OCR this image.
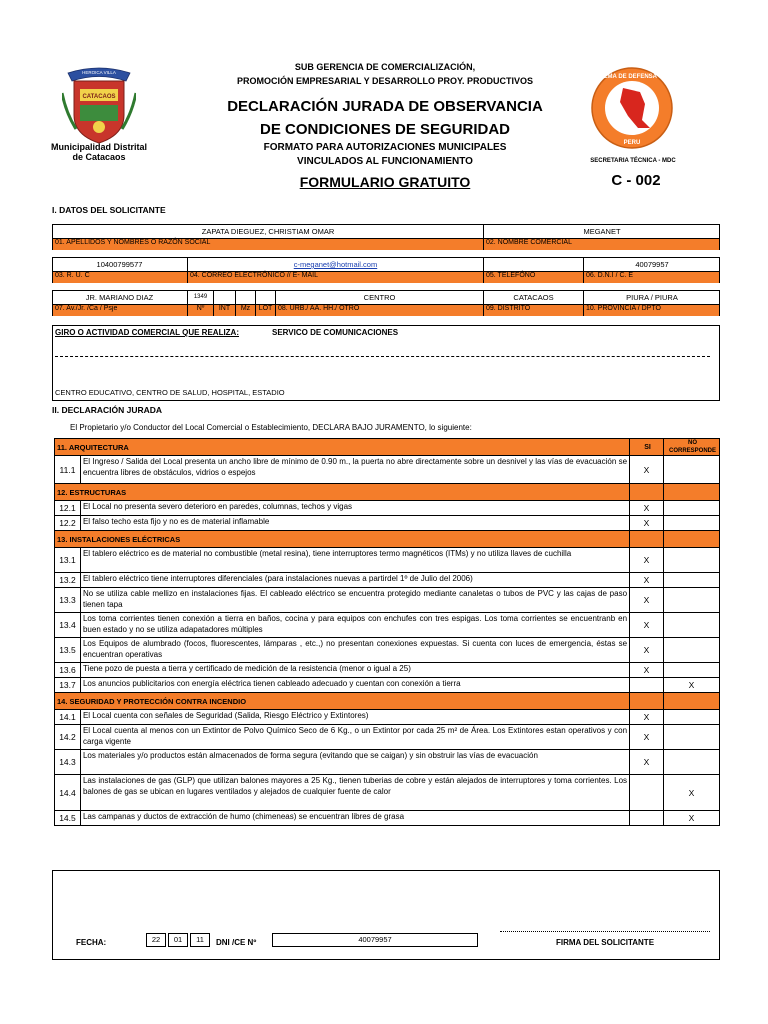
HEROICA VILLA
CATACAOS
Municipalidad Distrital
de Catacaos
SUB GERENCIA DE COMERCIALIZACIÓN,
PROMOCIÓN EMPRESARIAL Y DESARROLLO PROY. PRODUCTIVOS
DECLARACIÓN JURADA DE OBSERVANCIA
DE CONDICIONES DE SEGURIDAD
FORMATO PARA AUTORIZACIONES MUNICIPALES
VINCULADOS AL FUNCIONAMIENTO
FORMULARIO GRATUITO
SISTEMA DE DEFENSA CIVIL
PERU
SECRETARIA TÉCNICA - MDC
C - 002
I. DATOS DEL SOLICITANTE
ZAPATA DIEGUEZ, CHRISTIAM OMAR	MEGANET
01. APELLIDOS Y NOMBRES O RAZÓN SOCIAL	02. NOMBRE COMERCIAL
10400799577	c-meganet@hotmail.com	40079957
03. R. U. C	04. CORREO ELECTRÓNICO // E- MAIL	05. TELEFÓNO	06. D.N.I / C. E
JR. MARIANO DIAZ	1349	CENTRO	CATACAOS	PIURA / PIURA
07. Av./Jr. /Ca / Psje	Nº	INT	Mz	LOT 08. URB./ AA. HH./ OTRO	09. DISTRITO	10. PROVINCIA / DPTO
GIRO O ACTIVIDAD COMERCIAL QUE REALIZA:	SERVICO DE COMUNICACIONES
CENTRO EDUCATIVO, CENTRO DE SALUD, HOSPITAL, ESTADIO
II. DECLARACIÓN JURADA
El Propietario y/o Conductor del Local Comercial o Establecimiento, DECLARA BAJO JURAMENTO, lo siguiente:
11. ARQUITECTURA		SI	NO CORRESPONDE
11.1	El Ingreso / Salida del Local presenta un ancho libre de mínimo de 0.90 m., la puerta no abre directamente sobre un desnivel y las vías de evacuación se encuentra libres de obstáculos, vidrios o espejos	X	
12. ESTRUCTURAS			
12.1	El Local no presenta severo deterioro en paredes, columnas, techos y vigas	X	
12.2	El falso techo esta fijo y no es de material inflamable	X	
13. INSTALACIONES ELÉCTRICAS			
13.1	El tablero eléctrico es de material no combustible (metal resina), tiene interruptores termo magnéticos (ITMs) y no utiliza llaves de cuchilla	X	
13.2	El tablero eléctrico tiene interruptores diferenciales (para instalaciones nuevas a partirdel 1º de Julio del 2006)	X	
13.3	No se utiliza cable mellizo en instalaciones fijas. El cableado eléctrico se encuentra protegido mediante canaletas o tubos de PVC y las cajas de paso tienen tapa	X	
13.4	Los toma corrientes tienen conexión a tierra en baños, cocina y para equipos con enchufes con tres espigas. Los toma corrientes se encuentranb en buen estado y no se utiliza adapatadores múltiples	X	
13.5	Los Equipos de alumbrado (focos, fluorescentes, lámparas , etc.,) no presentan conexiones expuestas. Si cuenta con luces de emergencia, éstas se encuentran operativas	X	
13.6	Tiene pozo de puesta a tierra y certificado de medición de la resistencia (menor o igual a 25)	X	
13.7	Los anuncios publicitarios con energía eléctrica tienen cableado adecuado y cuentan con conexión a tierra		X
14. SEGURIDAD Y PROTECCIÓN CONTRA INCENDIO			
14.1	El Local cuenta con señales de Seguridad (Salida, Riesgo Eléctrico y Extintores)	X	
14.2	El Local cuenta al menos con un Extintor de Polvo Químico Seco de 6 Kg., o un Extintor por cada 25 m² de Área. Los Extintores estan operativos y con carga vigente	X	
14.3	Los materiales y/o productos están almacenados de forma segura (evitando que se caigan) y sin obstruir las vías de evacuación	X	
14.4	Las instalaciones de gas (GLP) que utilizan balones mayores a 25 Kg., tienen tuberias de cobre y están alejados de interruptores y toma corrientes. Los balones de gas se ubican en lugares ventilados y alejados de cualquier fuente de calor		X
14.5	Las campanas y ductos de extracción de humo (chimeneas) se encuentran libres de grasa		X
FECHA:	22	01	11	DNI /CE Nº	40079957	FIRMA DEL SOLICITANTE
